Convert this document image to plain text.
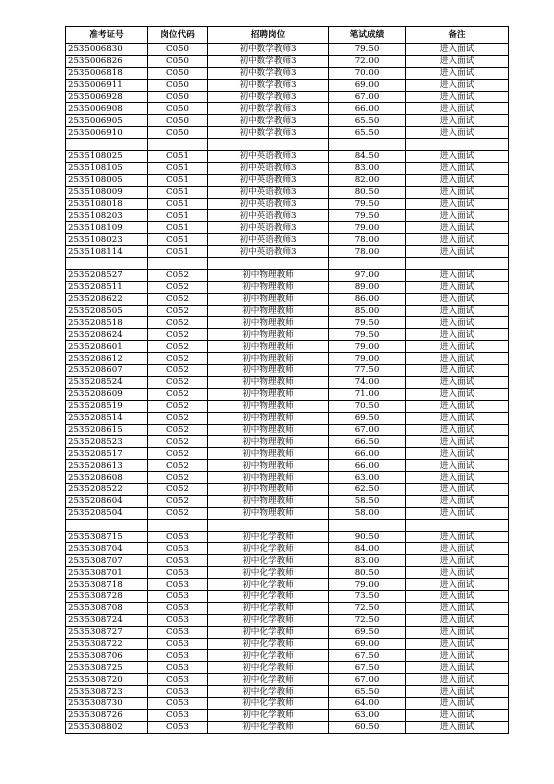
准考证号	岗位代码	招聘岗位	笔试成绩	备注
2535006830	C050	初中数学教师3	79.50	进入面试
2535006826	C050	初中数学教师3	72.00	进入面试
2535006818	C050	初中数学教师3	70.00	进入面试
2535006911	C050	初中数学教师3	69.00	进入面试
2535006928	C050	初中数学教师3	67.00	进入面试
2535006908	C050	初中数学教师3	66.00	进入面试
2535006905	C050	初中数学教师3	65.50	进入面试
2535006910	C050	初中数学教师3	65.50	进入面试

2535108025	C051	初中英语教师3	84.50	进入面试
2535108105	C051	初中英语教师3	83.00	进入面试
2535108005	C051	初中英语教师3	82.00	进入面试
2535108009	C051	初中英语教师3	80.50	进入面试
2535108018	C051	初中英语教师3	79.50	进入面试
2535108203	C051	初中英语教师3	79.50	进入面试
2535108109	C051	初中英语教师3	79.00	进入面试
2535108023	C051	初中英语教师3	78.00	进入面试
2535108114	C051	初中英语教师3	78.00	进入面试

2535208527	C052	初中物理教师	97.00	进入面试
2535208511	C052	初中物理教师	89.00	进入面试
2535208622	C052	初中物理教师	86.00	进入面试
2535208505	C052	初中物理教师	85.00	进入面试
2535208518	C052	初中物理教师	79.50	进入面试
2535208624	C052	初中物理教师	79.50	进入面试
2535208601	C052	初中物理教师	79.00	进入面试
2535208612	C052	初中物理教师	79.00	进入面试
2535208607	C052	初中物理教师	77.50	进入面试
2535208524	C052	初中物理教师	74.00	进入面试
2535208609	C052	初中物理教师	71.00	进入面试
2535208519	C052	初中物理教师	70.50	进入面试
2535208514	C052	初中物理教师	69.50	进入面试
2535208615	C052	初中物理教师	67.00	进入面试
2535208523	C052	初中物理教师	66.50	进入面试
2535208517	C052	初中物理教师	66.00	进入面试
2535208613	C052	初中物理教师	66.00	进入面试
2535208608	C052	初中物理教师	63.00	进入面试
2535208522	C052	初中物理教师	62.50	进入面试
2535208604	C052	初中物理教师	58.50	进入面试
2535208504	C052	初中物理教师	58.00	进入面试

2535308715	C053	初中化学教师	90.50	进入面试
2535308704	C053	初中化学教师	84.00	进入面试
2535308707	C053	初中化学教师	83.00	进入面试
2535308701	C053	初中化学教师	80.50	进入面试
2535308718	C053	初中化学教师	79.00	进入面试
2535308728	C053	初中化学教师	73.50	进入面试
2535308708	C053	初中化学教师	72.50	进入面试
2535308724	C053	初中化学教师	72.50	进入面试
2535308727	C053	初中化学教师	69.50	进入面试
2535308722	C053	初中化学教师	69.00	进入面试
2535308706	C053	初中化学教师	67.50	进入面试
2535308725	C053	初中化学教师	67.50	进入面试
2535308720	C053	初中化学教师	67.00	进入面试
2535308723	C053	初中化学教师	65.50	进入面试
2535308730	C053	初中化学教师	64.00	进入面试
2535308726	C053	初中化学教师	63.00	进入面试
2535308802	C053	初中化学教师	60.50	进入面试
